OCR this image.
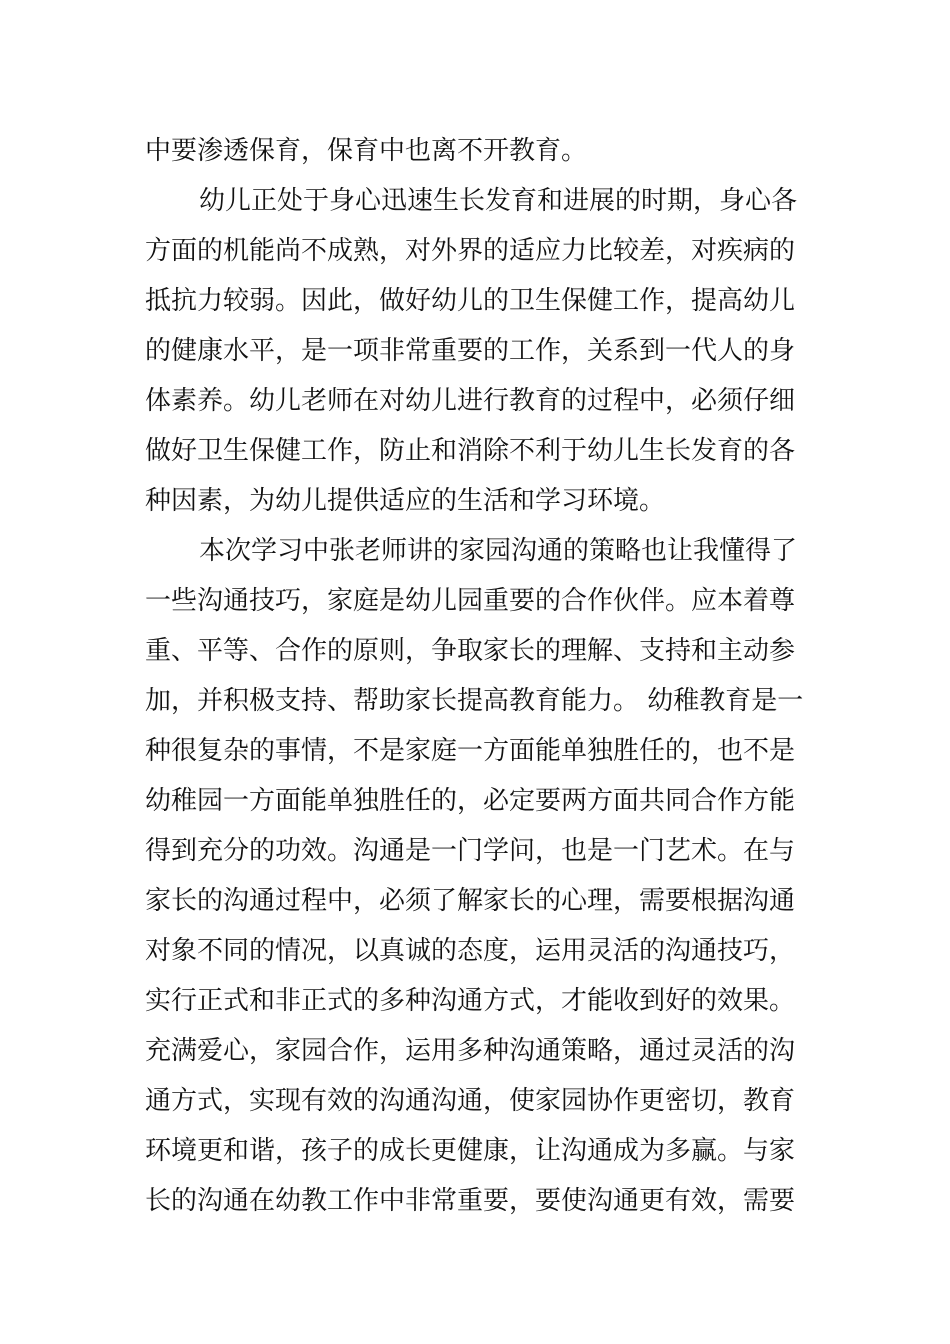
中要渗透保育，保育中也离不开教育。
幼儿正处于身心迅速生长发育和进展的时期，身心各
方面的机能尚不成熟，对外界的适应力比较差，对疾病的
抵抗力较弱。因此，做好幼儿的卫生保健工作，提高幼儿
的健康水平，是一项非常重要的工作，关系到一代人的身
体素养。幼儿老师在对幼儿进行教育的过程中，必须仔细
做好卫生保健工作，防止和消除不利于幼儿生长发育的各
种因素，为幼儿提供适应的生活和学习环境。
本次学习中张老师讲的家园沟通的策略也让我懂得了
一些沟通技巧，家庭是幼儿园重要的合作伙伴。应本着尊
重、平等、合作的原则，争取家长的理解、支持和主动参
加，并积极支持、帮助家长提高教育能力。 幼稚教育是一
种很复杂的事情，不是家庭一方面能单独胜任的，也不是
幼稚园一方面能单独胜任的，必定要两方面共同合作方能
得到充分的功效。沟通是一门学问，也是一门艺术。在与
家长的沟通过程中，必须了解家长的心理，需要根据沟通
对象不同的情况，以真诚的态度，运用灵活的沟通技巧，
实行正式和非正式的多种沟通方式，才能收到好的效果。
充满爱心，家园合作，运用多种沟通策略，通过灵活的沟
通方式，实现有效的沟通沟通，使家园协作更密切，教育
环境更和谐，孩子的成长更健康，让沟通成为多赢。与家
长的沟通在幼教工作中非常重要，要使沟通更有效，需要
